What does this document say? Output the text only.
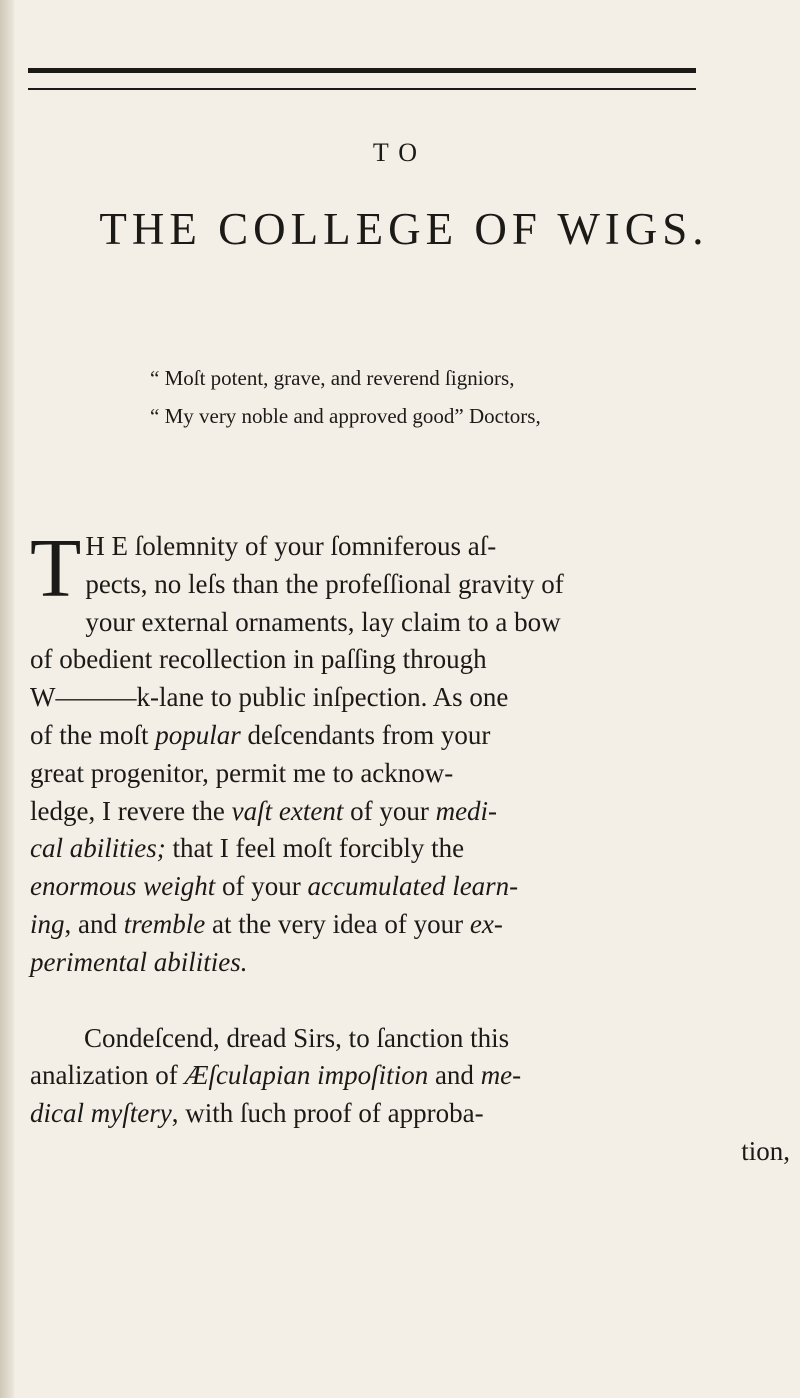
TO
THE COLLEGE OF WIGS.
“ Moſt potent, grave, and reverend ſigniors,
“ My very noble and approved good” Doctors,
T H E ſolemnity of your ſomniferous aſ-
pects, no leſs than the profeſſional gravity of
your external ornaments, lay claim to a bow
of obedient recollection in paſſing through
W———k-lane to public inſpection. As one
of the moſt popular deſcendants from your
great progenitor, permit me to acknow-
ledge, I revere the vaſt extent of your medi-
cal abilities; that I feel moſt forcibly the
enormous weight of your accumulated learn-
ing, and tremble at the very idea of your ex-
perimental abilities.
Condeſcend, dread Sirs, to ſanction this
analization of Æſculapian impoſition and me-
dical myſtery, with ſuch proof of approba-
tion,
